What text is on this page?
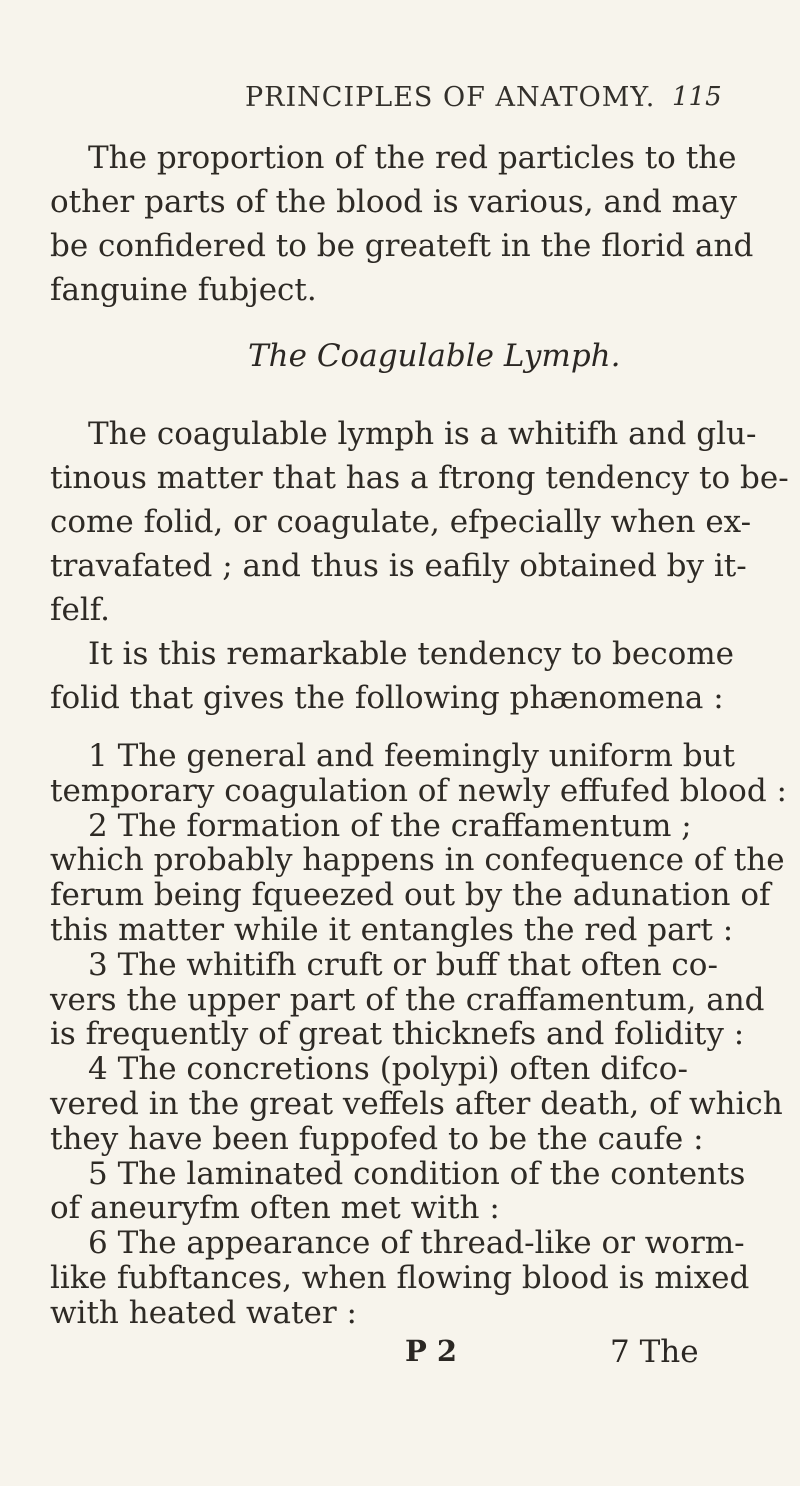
PRINCIPLES OF ANATOMY. 115
The proportion of the red particles to the
other parts of the blood is various, and may
be confidered to be greateft in the florid and
fanguine fubject.
The Coagulable Lymph.
The coagulable lymph is a whitifh and glu-
tinous matter that has a ftrong tendency to be-
come folid, or coagulate, efpecially when ex-
travafated ; and thus is eafily obtained by it-
felf.
It is this remarkable tendency to become
folid that gives the following phænomena :
1 The general and feemingly uniform but
temporary coagulation of newly effufed blood :
2 The formation of the craffamentum ;
which probably happens in confequence of the
ferum being fqueezed out by the adunation of
this matter while it entangles the red part :
3 The whitifh cruft or buff that often co-
vers the upper part of the craffamentum, and
is frequently of great thicknefs and folidity :
4 The concretions (polypi) often difco-
vered in the great veffels after death, of which
they have been fuppofed to be the caufe :
5 The laminated condition of the contents
of aneuryfm often met with :
6 The appearance of thread-like or worm-
like fubftances, when flowing blood is mixed
with heated water :
P 2	7 The
